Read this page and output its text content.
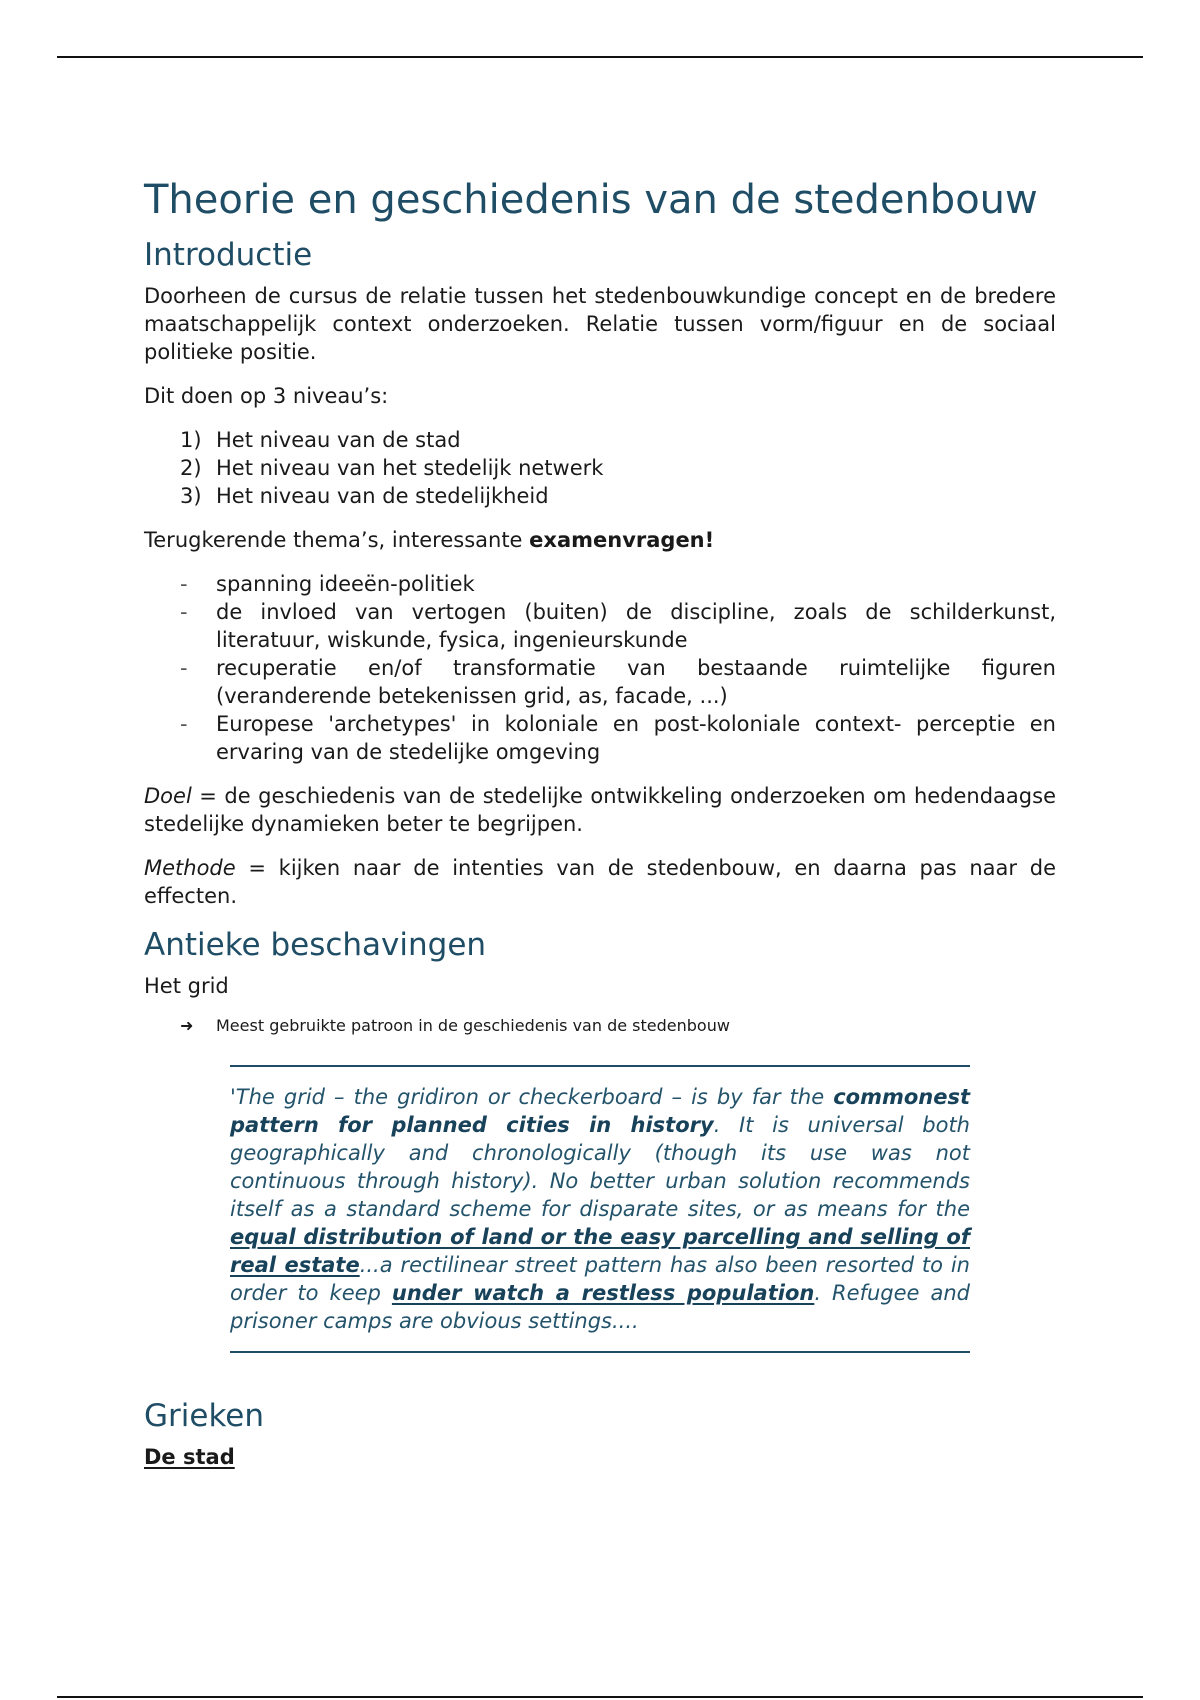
Theorie en geschiedenis van de stedenbouw
Introductie

Doorheen de cursus de relatie tussen het stedenbouwkundige concept en de bredere maatschappelijk context onderzoeken. Relatie tussen vorm/figuur en de sociaal politieke positie.

Dit doen op 3 niveau’s:

1) Het niveau van de stad
2) Het niveau van het stedelijk netwerk
3) Het niveau van de stedelijkheid

Terugkerende thema’s, interessante examenvragen!

-	spanning ideeën-politiek
-	de invloed van vertogen (buiten) de discipline, zoals de schilderkunst, literatuur, wiskunde, fysica, ingenieurskunde
-	recuperatie en/of transformatie van bestaande ruimtelijke figuren (veranderende betekenissen grid, as, facade, ...)
-	Europese 'archetypes' in koloniale en post-koloniale context- perceptie en ervaring van de stedelijke omgeving

Doel = de geschiedenis van de stedelijke ontwikkeling onderzoeken om hedendaagse stedelijke dynamieken beter te begrijpen.

Methode = kijken naar de intenties van de stedenbouw, en daarna pas naar de effecten.

Antieke beschavingen

Het grid

➜	Meest gebruikte patroon in de geschiedenis van de stedenbouw

'The grid – the gridiron or checkerboard – is by far the commonest pattern for planned cities in history. It is universal both geographically and chronologically (though its use was not continuous through history). No better urban solution recommends itself as a standard scheme for disparate sites, or as means for the equal distribution of land or the easy parcelling and selling of real estate...a rectilinear street pattern has also been resorted to in order to keep under watch a restless population. Refugee and prisoner camps are obvious settings....

Grieken

De stad
